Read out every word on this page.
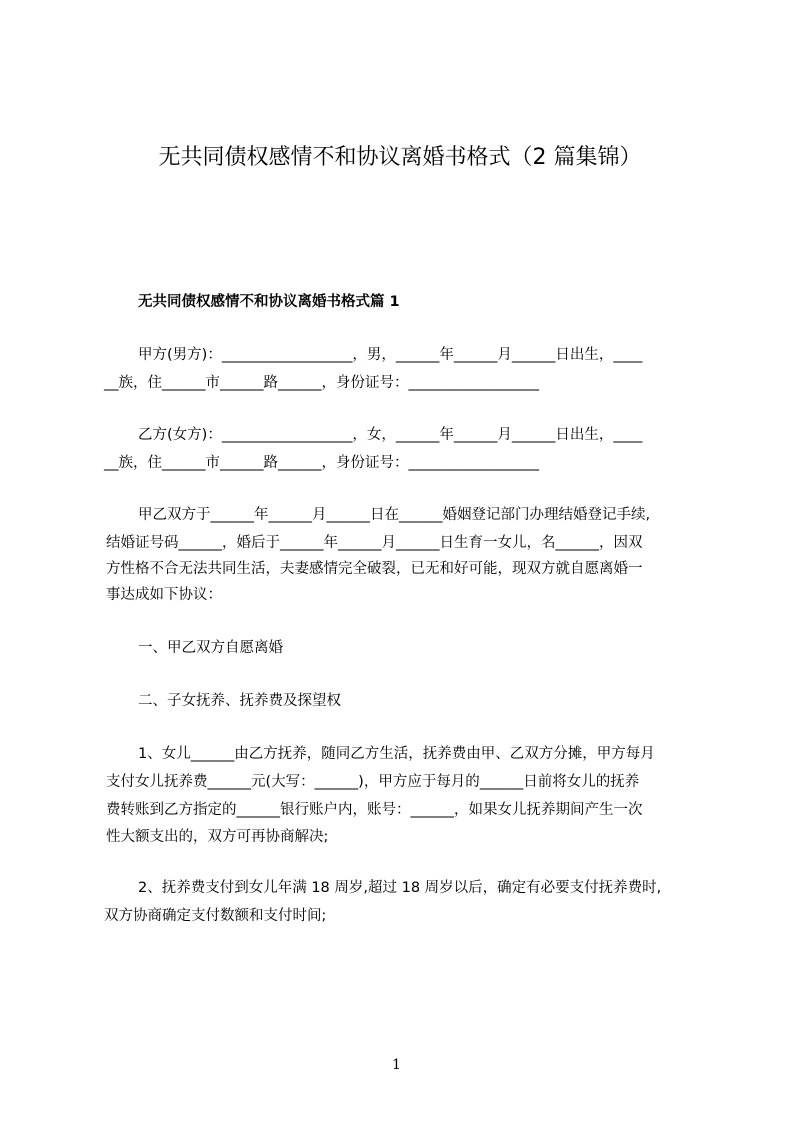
无共同债权感情不和协议离婚书格式（2 篇集锦）
无共同债权感情不和协议离婚书格式篇 1

甲方(男方)：__________________，男，______年______月______日出生，____

__族，住______市______路______，身份证号：__________________

乙方(女方)：__________________，女，______年______月______日出生，____

__族，住______市______路______，身份证号：__________________

甲乙双方于______年______月______日在______婚姻登记部门办理结婚登记手续,

结婚证号码______，婚后于______年______月______日生育一女儿，名______，因双

方性格不合无法共同生活，夫妻感情完全破裂，已无和好可能，现双方就自愿离婚一

事达成如下协议：

一、甲乙双方自愿离婚

二、子女抚养、抚养费及探望权

1、女儿______由乙方抚养，随同乙方生活，抚养费由甲、乙双方分摊，甲方每月

支付女儿抚养费______元(大写：______)，甲方应于每月的______日前将女儿的抚养

费转账到乙方指定的______银行账户内，账号：______，如果女儿抚养期间产生一次

性大额支出的，双方可再协商解决;

2、抚养费支付到女儿年满 18 周岁,超过 18 周岁以后，确定有必要支付抚养费时,

双方协商确定支付数额和支付时间;

1
